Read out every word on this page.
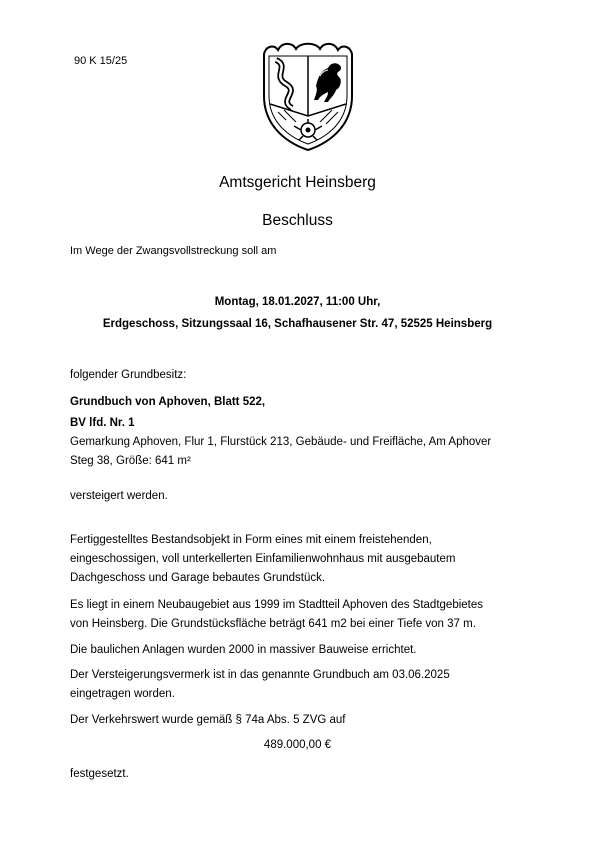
90 K 15/25
Amtsgericht Heinsberg
Beschluss
Im Wege der Zwangsvollstreckung soll am
Montag, 18.01.2027, 11:00 Uhr,
Erdgeschoss, Sitzungssaal 16, Schafhausener Str. 47, 52525 Heinsberg
folgender Grundbesitz:
Grundbuch von Aphoven, Blatt 522,
BV lfd. Nr. 1
Gemarkung Aphoven, Flur 1, Flurstück 213, Gebäude- und Freifläche, Am Aphover
Steg 38, Größe: 641 m²
versteigert werden.
Fertiggestelltes Bestandsobjekt in Form eines mit einem freistehenden,
eingeschossigen, voll unterkellerten Einfamilienwohnhaus mit ausgebautem
Dachgeschoss und Garage bebautes Grundstück.
Es liegt in einem Neubaugebiet aus 1999 im Stadtteil Aphoven des Stadtgebietes
von Heinsberg. Die Grundstücksfläche beträgt 641 m2 bei einer Tiefe von 37 m.
Die baulichen Anlagen wurden 2000 in massiver Bauweise errichtet.
Der Versteigerungsvermerk ist in das genannte Grundbuch am 03.06.2025
eingetragen worden.
Der Verkehrswert wurde gemäß § 74a Abs. 5 ZVG auf
489.000,00 €
festgesetzt.
